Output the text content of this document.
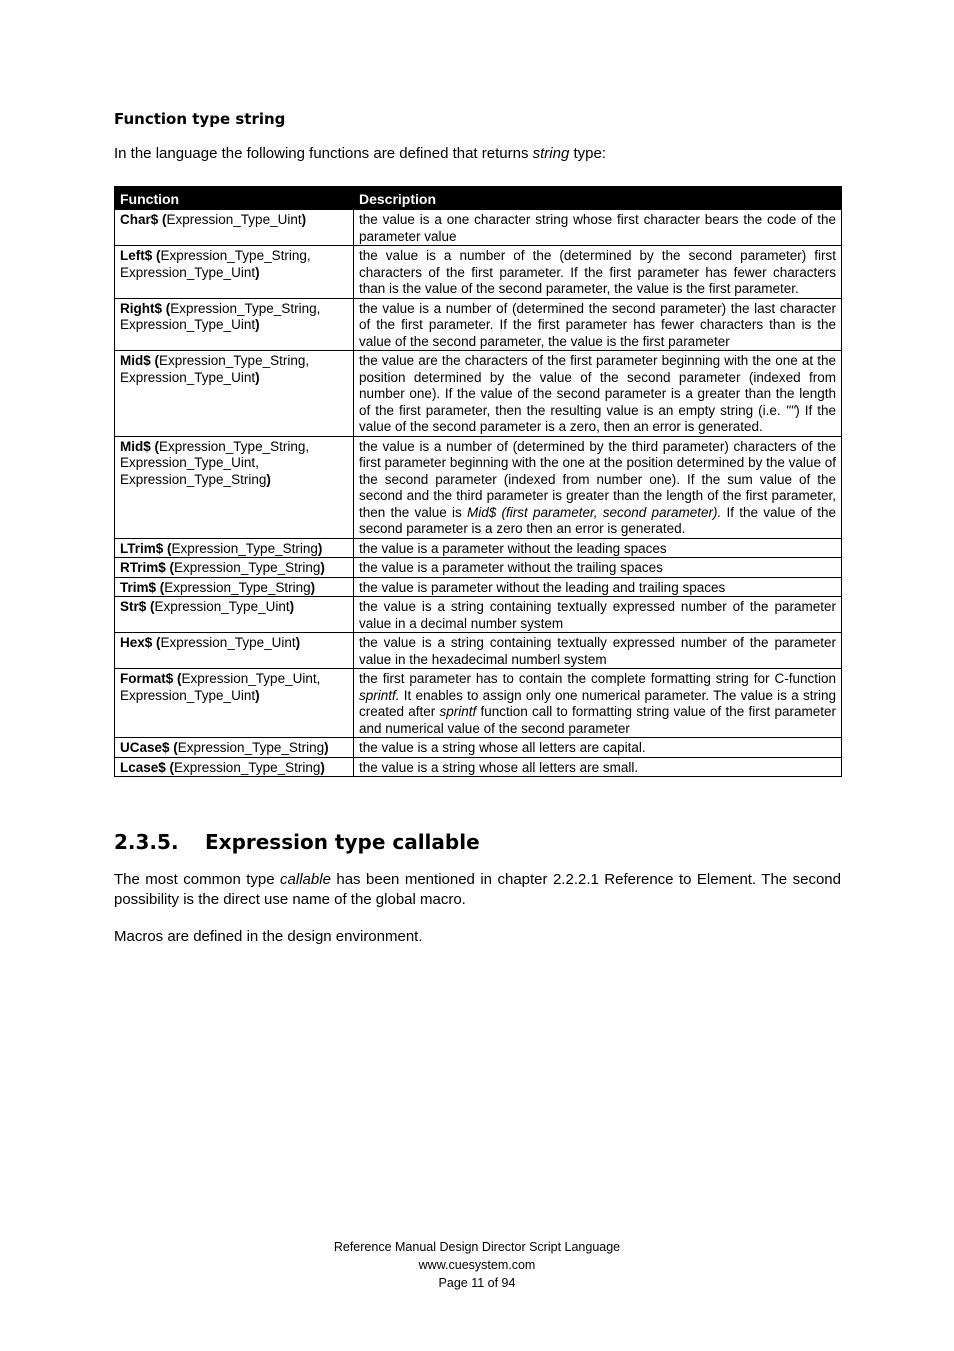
Function type string
In the language the following functions are defined that returns string type:
Function	Description
Char$ (Expression_Type_Uint)	the value is a one character string whose first character bears the code of the parameter value
Left$ (Expression_Type_String, Expression_Type_Uint)	the value is a number of the (determined by the second parameter) first characters of the first parameter. If the first parameter has fewer characters than is the value of the second parameter, the value is the first parameter.
Right$ (Expression_Type_String, Expression_Type_Uint)	the value is a number of (determined the second parameter) the last character of the first parameter. If the first parameter has fewer characters than is the value of the second parameter, the value is the first parameter
Mid$ (Expression_Type_String, Expression_Type_Uint)	the value are the characters of the first parameter beginning with the one at the position determined by the value of the second parameter (indexed from number one). If the value of the second parameter is a greater than the length of the first parameter, then the resulting value is an empty string (i.e. "") If the value of the second parameter is a zero, then an error is generated.
Mid$ (Expression_Type_String, Expression_Type_Uint, Expression_Type_String)	the value is a number of (determined by the third parameter) characters of the first parameter beginning with the one at the position determined by the value of the second parameter (indexed from number one). If the sum value of the second and the third parameter is greater than the length of the first parameter, then the value is Mid$ (first parameter, second parameter). If the value of the second parameter is a zero then an error is generated.
LTrim$ (Expression_Type_String)	the value is a parameter without the leading spaces
RTrim$ (Expression_Type_String)	the value is a parameter without the trailing spaces
Trim$ (Expression_Type_String)	the value is parameter without the leading and trailing spaces
Str$ (Expression_Type_Uint)	the value is a string containing textually expressed number of the parameter value in a decimal number system
Hex$ (Expression_Type_Uint)	the value is a string containing textually expressed number of the parameter value in the hexadecimal numberl system
Format$ (Expression_Type_Uint, Expression_Type_Uint)	the first parameter has to contain the complete formatting string for C-function sprintf. It enables to assign only one numerical parameter. The value is a string created after sprintf function call to formatting string value of the first parameter and numerical value of the second parameter
UCase$ (Expression_Type_String)	the value is a string whose all letters are capital.
Lcase$ (Expression_Type_String)	the value is a string whose all letters are small.
2.3.5. Expression type callable
The most common type callable has been mentioned in chapter 2.2.2.1 Reference to Element. The second possibility is the direct use name of the global macro.
Macros are defined in the design environment.
Reference Manual Design Director Script Language
www.cuesystem.com
Page 11 of 94
